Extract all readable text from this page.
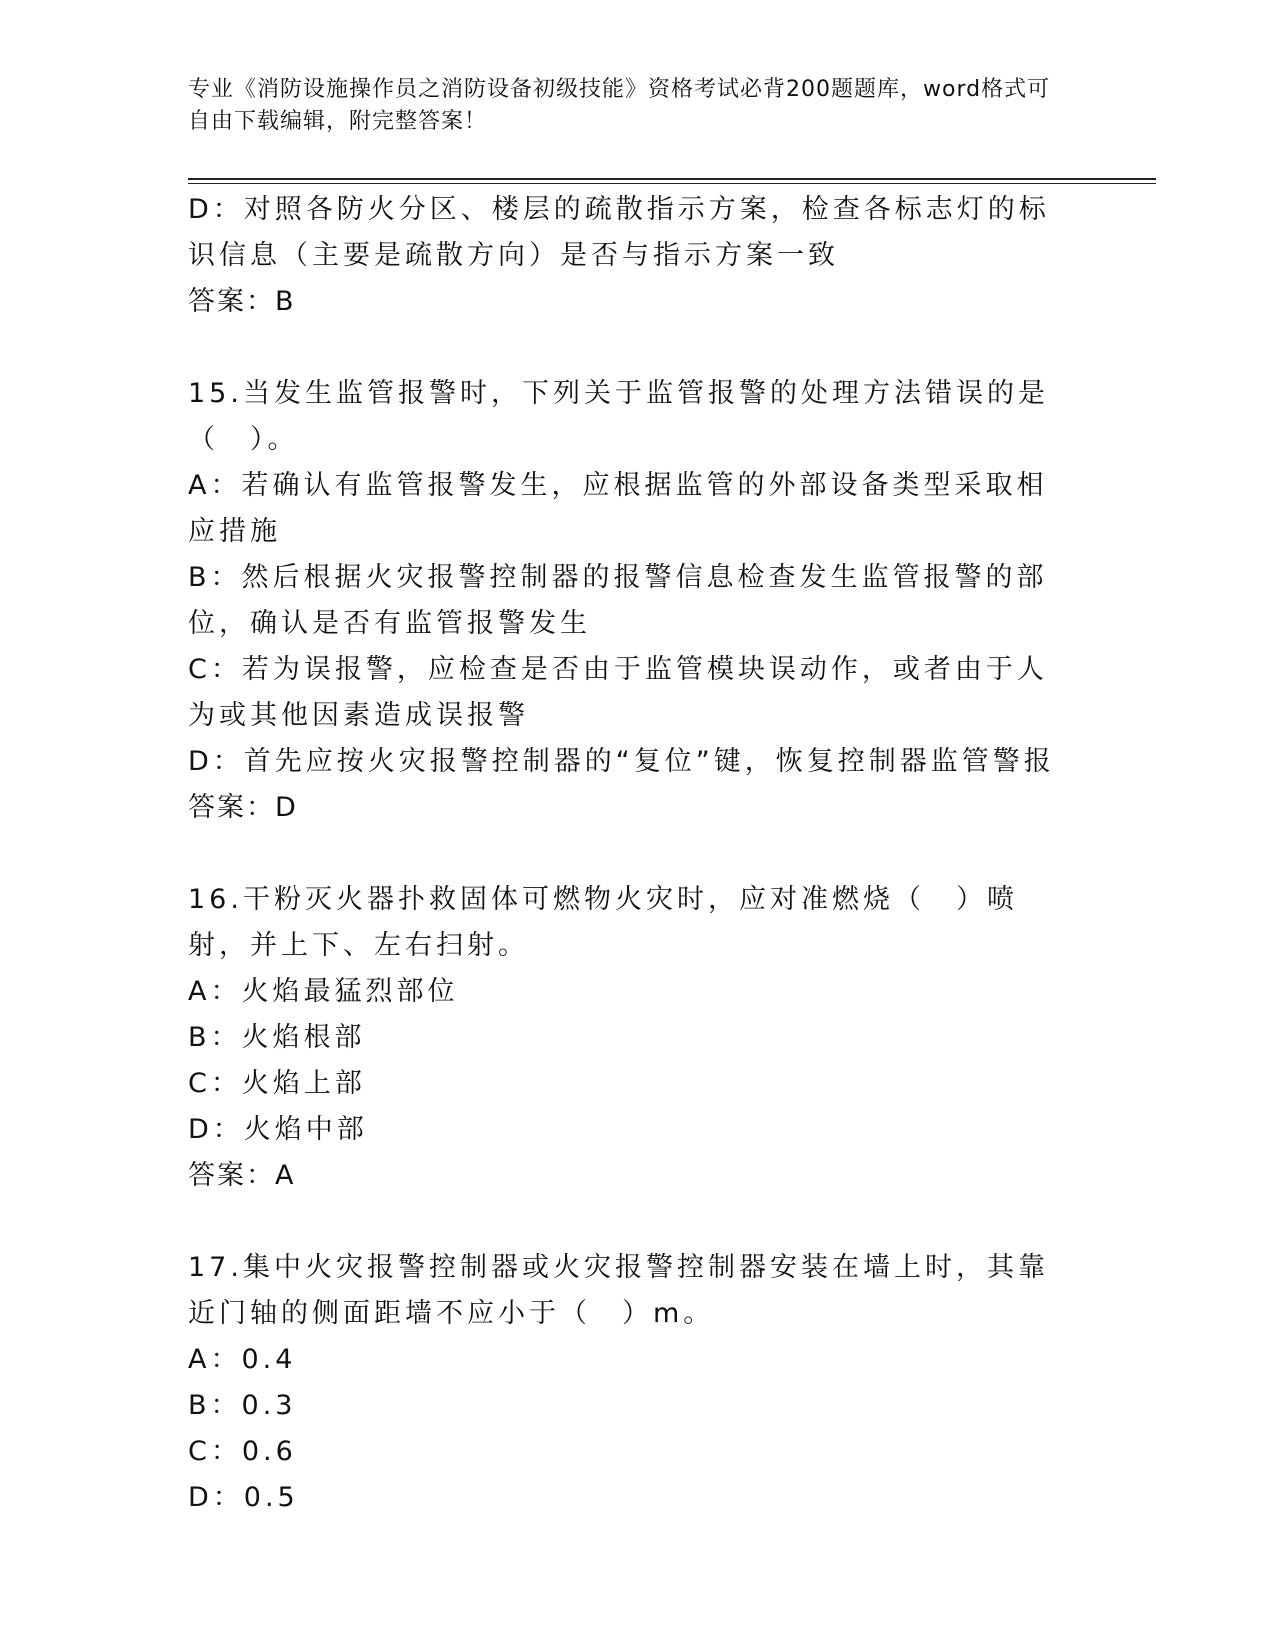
专业《消防设施操作员之消防设备初级技能》资格考试必背200题题库，word格式可自由下载编辑，附完整答案！

D：对照各防火分区、楼层的疏散指示方案，检查各标志灯的标识信息（主要是疏散方向）是否与指示方案一致

答案：B

15.当发生监管报警时，下列关于监管报警的处理方法错误的是（　）。

A：若确认有监管报警发生，应根据监管的外部设备类型采取相应措施

B：然后根据火灾报警控制器的报警信息检查发生监管报警的部位，确认是否有监管报警发生

C：若为误报警，应检查是否由于监管模块误动作，或者由于人为或其他因素造成误报警

D：首先应按火灾报警控制器的“复位”键，恢复控制器监管警报

答案：D

16.干粉灭火器扑救固体可燃物火灾时，应对准燃烧（　）喷射，并上下、左右扫射。

A：火焰最猛烈部位

B：火焰根部

C：火焰上部

D：火焰中部

答案：A

17.集中火灾报警控制器或火灾报警控制器安装在墙上时，其靠近门轴的侧面距墙不应小于（　）m。

A：0.4

B：0.3

C：0.6

D：0.5
